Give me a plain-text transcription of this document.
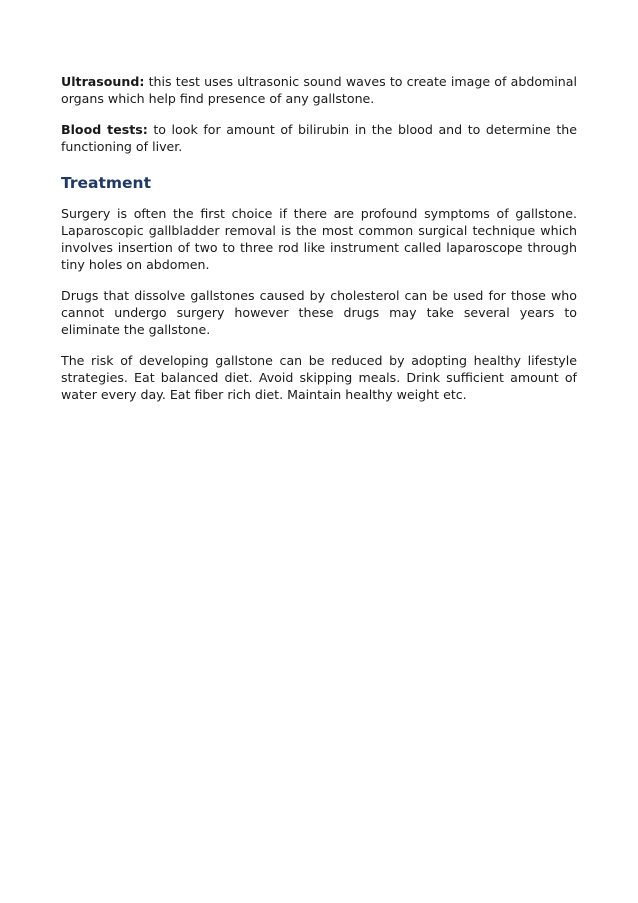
Ultrasound: this test uses ultrasonic sound waves to create image of abdominal organs which help find presence of any gallstone.

Blood tests: to look for amount of bilirubin in the blood and to determine the functioning of liver.

Treatment

Surgery is often the first choice if there are profound symptoms of gallstone. Laparoscopic gallbladder removal is the most common surgical technique which involves insertion of two to three rod like instrument called laparoscope through tiny holes on abdomen.

Drugs that dissolve gallstones caused by cholesterol can be used for those who cannot undergo surgery however these drugs may take several years to eliminate the gallstone.

The risk of developing gallstone can be reduced by adopting healthy lifestyle strategies. Eat balanced diet. Avoid skipping meals. Drink sufficient amount of water every day. Eat fiber rich diet. Maintain healthy weight etc.
